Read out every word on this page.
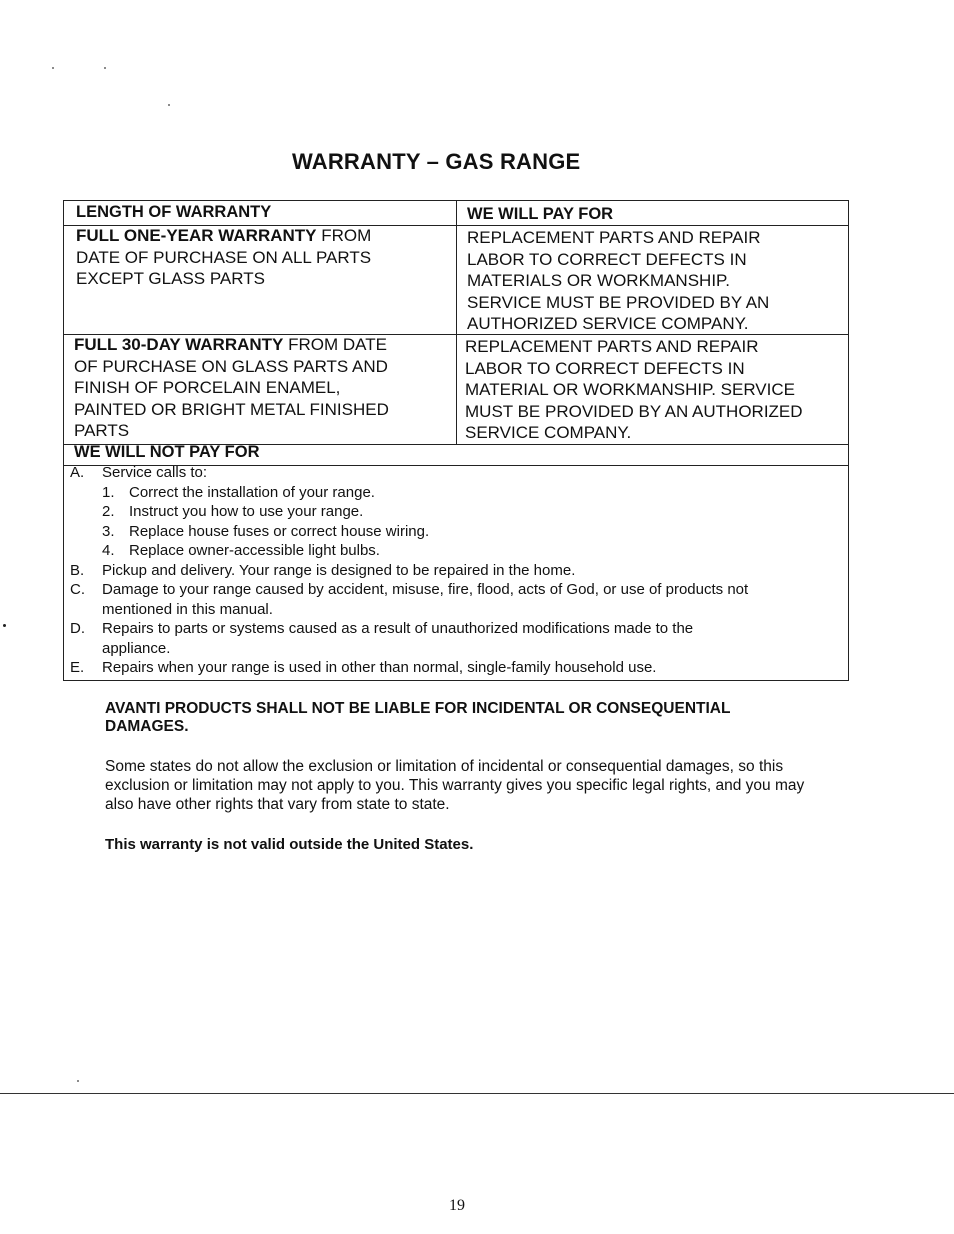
WARRANTY – GAS RANGE
LENGTH OF WARRANTY	WE WILL PAY FOR
FULL ONE-YEAR WARRANTY FROM
DATE OF PURCHASE ON ALL PARTS
EXCEPT GLASS PARTS
REPLACEMENT PARTS AND REPAIR
LABOR TO CORRECT DEFECTS IN
MATERIALS OR WORKMANSHIP.
SERVICE MUST BE PROVIDED BY AN
AUTHORIZED SERVICE COMPANY.
FULL 30-DAY WARRANTY FROM DATE
OF PURCHASE ON GLASS PARTS AND
FINISH OF PORCELAIN ENAMEL,
PAINTED OR BRIGHT METAL FINISHED
PARTS
REPLACEMENT PARTS AND REPAIR
LABOR TO CORRECT DEFECTS IN
MATERIAL OR WORKMANSHIP. SERVICE
MUST BE PROVIDED BY AN AUTHORIZED
SERVICE COMPANY.
WE WILL NOT PAY FOR
A. Service calls to:
1. Correct the installation of your range.
2. Instruct you how to use your range.
3. Replace house fuses or correct house wiring.
4. Replace owner-accessible light bulbs.
B. Pickup and delivery. Your range is designed to be repaired in the home.
C. Damage to your range caused by accident, misuse, fire, flood, acts of God, or use of products not
mentioned in this manual.
D. Repairs to parts or systems caused as a result of unauthorized modifications made to the
appliance.
E. Repairs when your range is used in other than normal, single-family household use.
AVANTI PRODUCTS SHALL NOT BE LIABLE FOR INCIDENTAL OR CONSEQUENTIAL DAMAGES.
Some states do not allow the exclusion or limitation of incidental or consequential damages, so this exclusion or limitation may not apply to you. This warranty gives you specific legal rights, and you may also have other rights that vary from state to state.
This warranty is not valid outside the United States.
19
